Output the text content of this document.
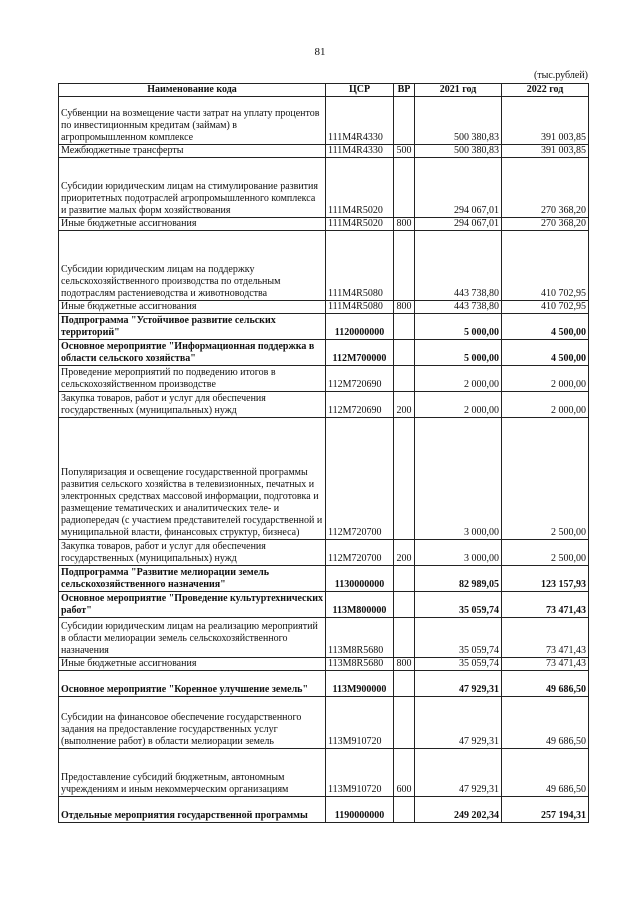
81
(тыс.рублей)
Наименование кода	ЦСР	ВР	2021 год	2022 год
Субвенции на возмещение части затрат на уплату процентов по инвестиционным кредитам (займам) в агропромышленном комплексе	111M4R4330		500 380,83	391 003,85
Межбюджетные трансферты	111M4R4330	500	500 380,83	391 003,85
Субсидии юридическим лицам на стимулирование развития приоритетных подотраслей агропромышленного комплекса и развитие малых форм хозяйствования	111M4R5020		294 067,01	270 368,20
Иные бюджетные ассигнования	111M4R5020	800	294 067,01	270 368,20
Субсидии юридическим лицам на поддержку сельскохозяйственного производства по отдельным подотраслям растениеводства и животноводства	111M4R5080		443 738,80	410 702,95
Иные бюджетные ассигнования	111M4R5080	800	443 738,80	410 702,95
Подпрограмма "Устойчивое развитие сельских территорий"	1120000000		5 000,00	4 500,00
Основное мероприятие "Информационная поддержка в области сельского хозяйства"	112M700000		5 000,00	4 500,00
Проведение мероприятий по подведению итогов в сельскохозяйственном производстве	112M720690		2 000,00	2 000,00
Закупка товаров, работ и услуг для обеспечения государственных (муниципальных) нужд	112M720690	200	2 000,00	2 000,00
Популяризация и освещение государственной программы развития сельского хозяйства в телевизионных, печатных и электронных средствах массовой информации, подготовка и размещение тематических и аналитических теле- и радиопередач (с участием представителей государственной и муниципальной власти, финансовых структур, бизнеса)	112M720700		3 000,00	2 500,00
Закупка товаров, работ и услуг для обеспечения государственных (муниципальных) нужд	112M720700	200	3 000,00	2 500,00
Подпрограмма "Развитие мелиорации земель сельскохозяйственного назначения"	1130000000		82 989,05	123 157,93
Основное мероприятие "Проведение культуртехнических работ"	113M800000		35 059,74	73 471,43
Субсидии юридическим лицам на реализацию мероприятий в области мелиорации земель сельскохозяйственного назначения	113M8R5680		35 059,74	73 471,43
Иные бюджетные ассигнования	113M8R5680	800	35 059,74	73 471,43
Основное мероприятие "Коренное улучшение земель"	113M900000		47 929,31	49 686,50
Субсидии на финансовое обеспечение государственного задания на предоставление государственных услуг (выполнение работ) в области мелиорации земель	113M910720		47 929,31	49 686,50
Предоставление субсидий бюджетным, автономным учреждениям и иным некоммерческим организациям	113M910720	600	47 929,31	49 686,50
Отдельные мероприятия государственной программы	1190000000		249 202,34	257 194,31
